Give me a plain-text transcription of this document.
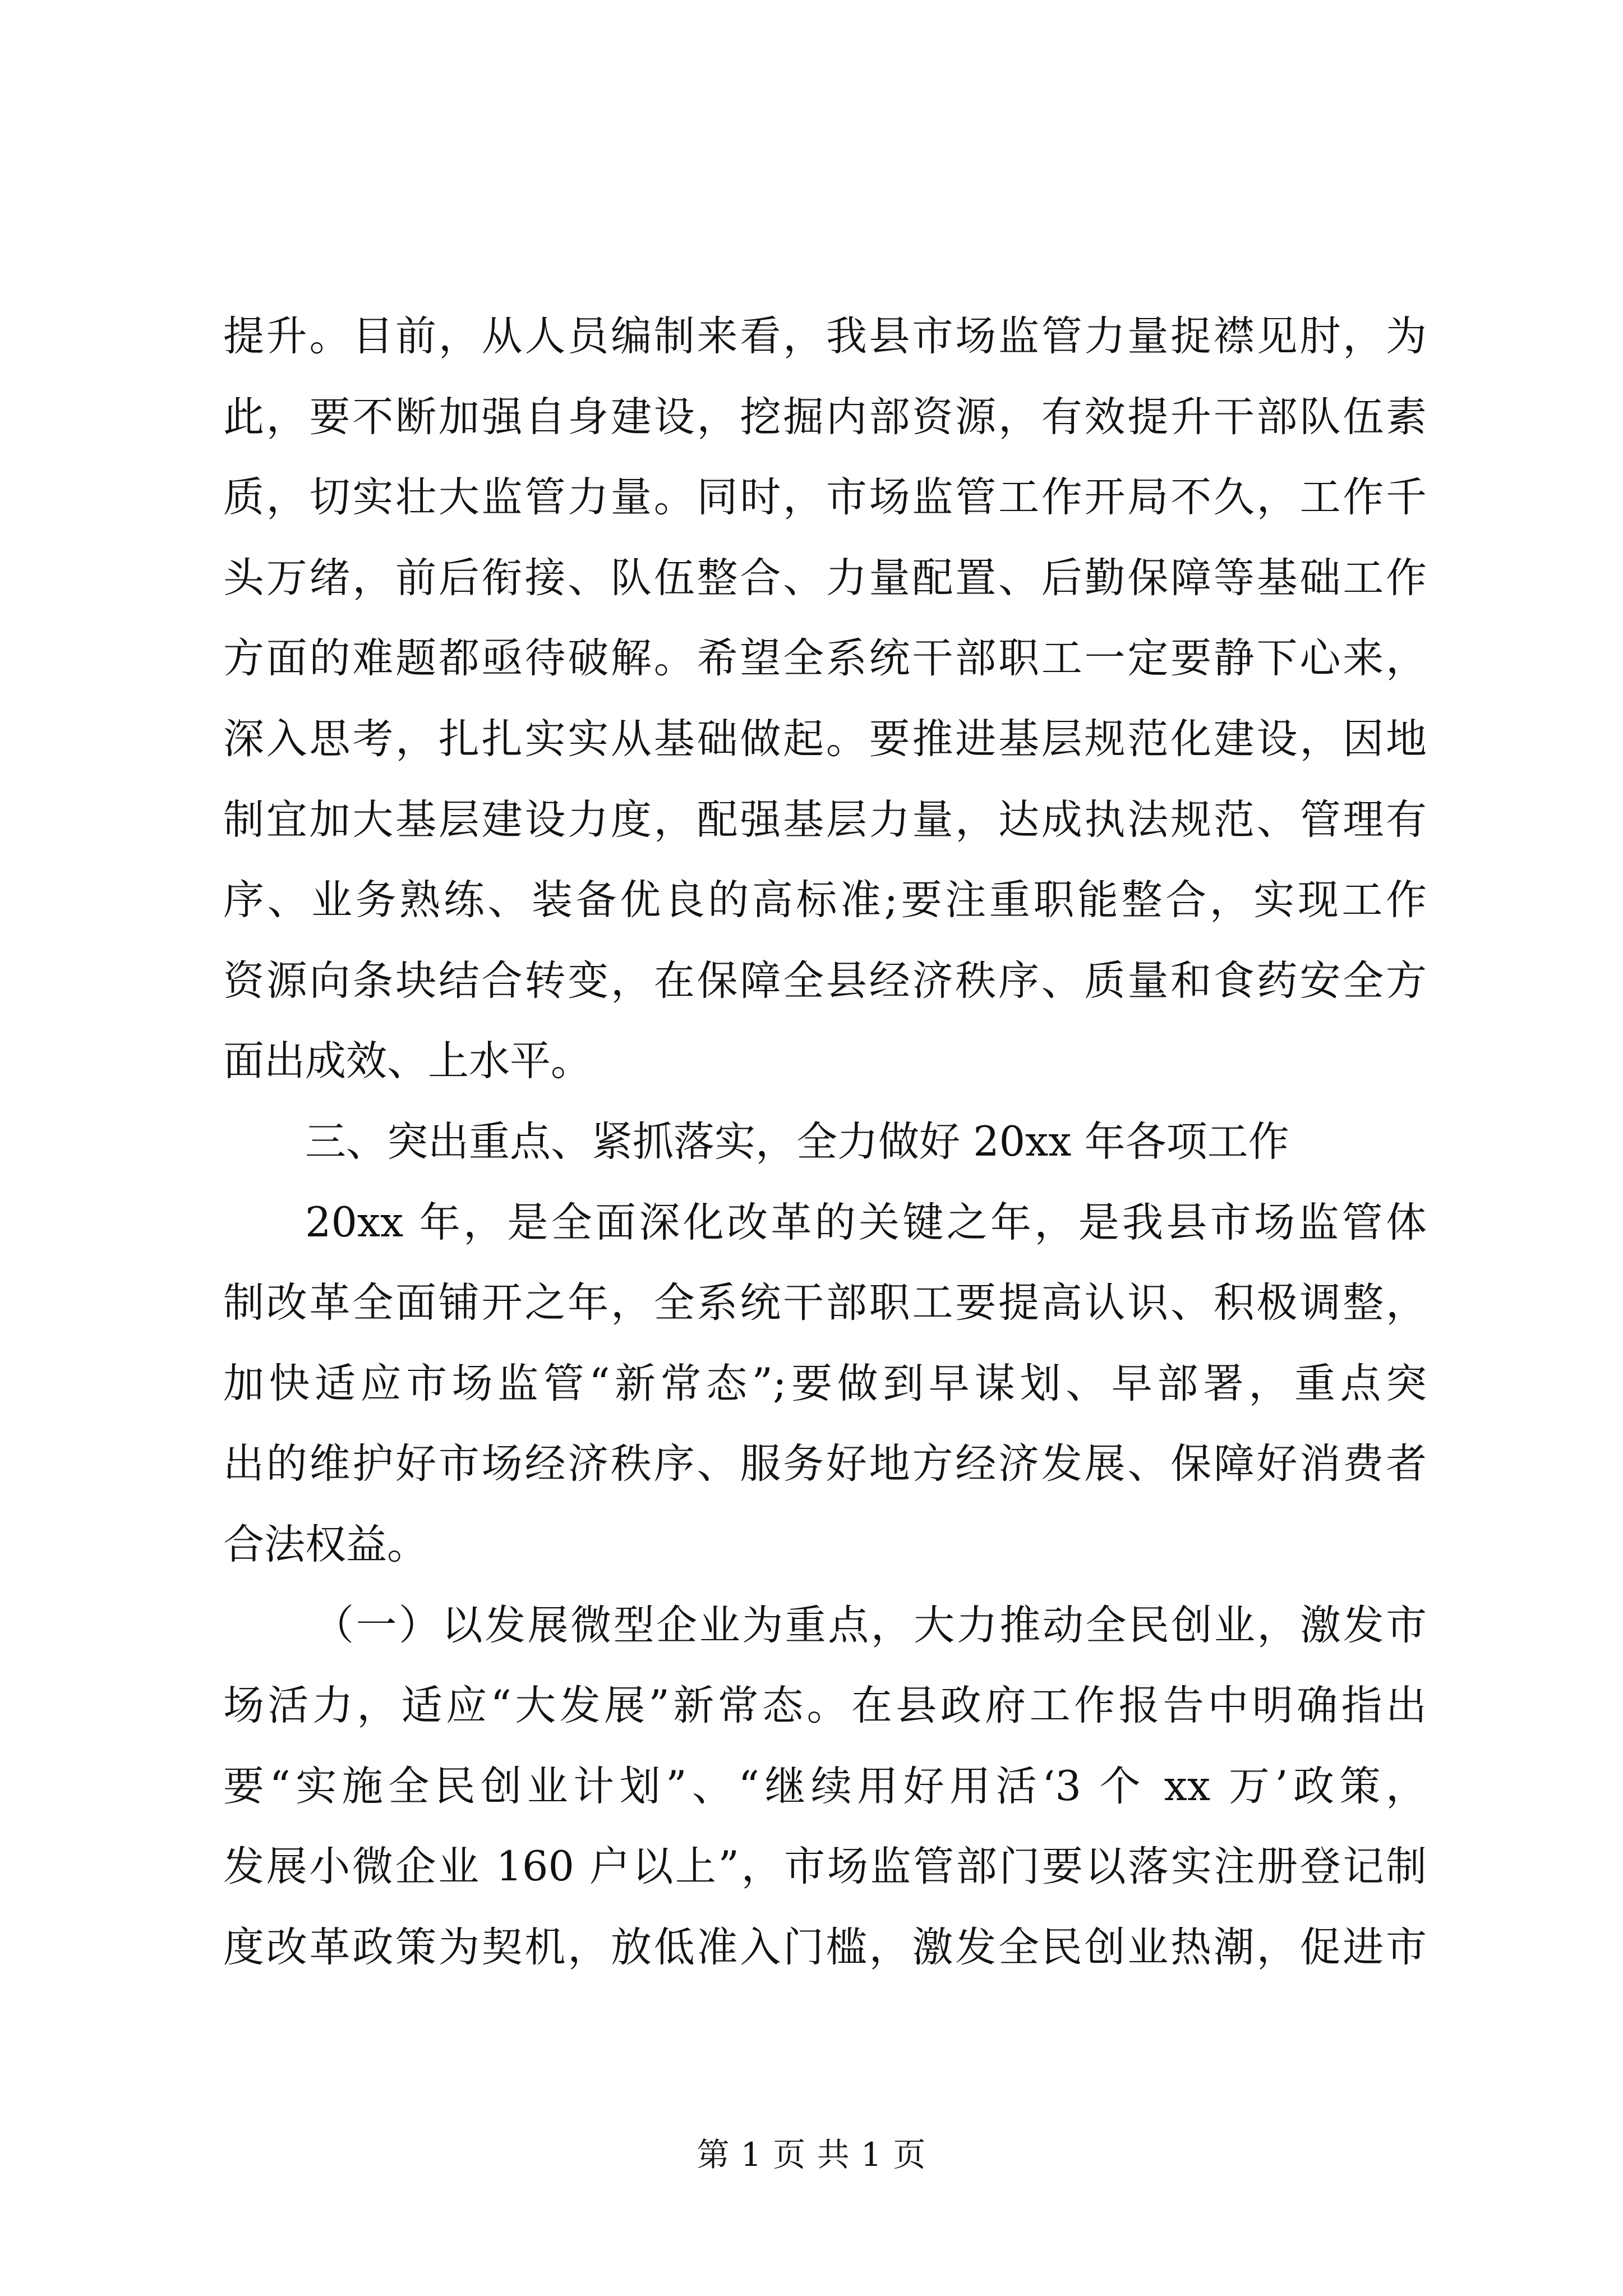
提升。目前，从人员编制来看，我县市场监管力量捉襟见肘，为
此，要不断加强自身建设，挖掘内部资源，有效提升干部队伍素
质，切实壮大监管力量。同时，市场监管工作开局不久，工作千
头万绪，前后衔接、队伍整合、力量配置、后勤保障等基础工作
方面的难题都亟待破解。希望全系统干部职工一定要静下心来，
深入思考，扎扎实实从基础做起。要推进基层规范化建设，因地
制宜加大基层建设力度，配强基层力量，达成执法规范、管理有
序、业务熟练、装备优良的高标准;要注重职能整合，实现工作
资源向条块结合转变，在保障全县经济秩序、质量和食药安全方
面出成效、上水平。
三、突出重点、紧抓落实，全力做好 20xx 年各项工作
20xx 年，是全面深化改革的关键之年，是我县市场监管体
制改革全面铺开之年，全系统干部职工要提高认识、积极调整，
加快适应市场监管“新常态”;要做到早谋划、早部署，重点突
出的维护好市场经济秩序、服务好地方经济发展、保障好消费者
合法权益。
（一）以发展微型企业为重点，大力推动全民创业，激发市
场活力，适应“大发展”新常态。在县政府工作报告中明确指出
要“实施全民创业计划”、“继续用好用活‘3 个 xx 万’政策，
发展小微企业 160 户以上”，市场监管部门要以落实注册登记制
度改革政策为契机，放低准入门槛，激发全民创业热潮，促进市
第 1 页 共 1 页
